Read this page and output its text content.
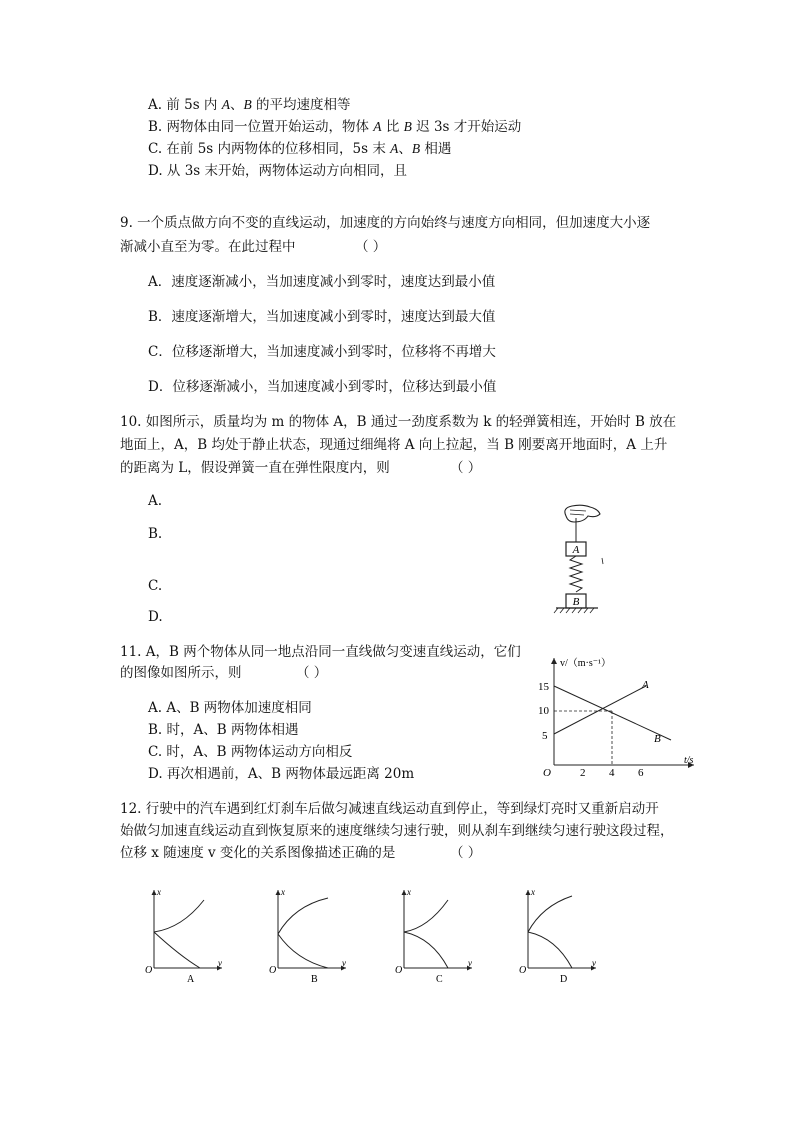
A. 前 5s 内 A、B 的平均速度相等
B. 两物体由同一位置开始运动，物体 A 比 B 迟 3s 才开始运动
C. 在前 5s 内两物体的位移相同，5s 末 A、B 相遇
D. 从 3s 末开始，两物体运动方向相同，且
9. 一个质点做方向不变的直线运动，加速度的方向始终与速度方向相同，但加速度大小逐
渐减小直至为零。在此过程中	（ ）
A．速度逐渐减小，当加速度减小到零时，速度达到最小值
B．速度逐渐增大，当加速度减小到零时，速度达到最大值
C．位移逐渐增大，当加速度减小到零时，位移将不再增大
D．位移逐渐减小，当加速度减小到零时，位移达到最小值
10. 如图所示，质量均为 m 的物体 A，B 通过一劲度系数为 k 的轻弹簧相连，开始时 B 放在
地面上，A，B 均处于静止状态，现通过细绳将 A 向上拉起，当 B 刚要离开地面时，A 上升
的距离为 L，假设弹簧一直在弹性限度内，则	（ ）
A.
B.
C.
D.
A
B
11. A，B 两个物体从同一地点沿同一直线做匀变速直线运动，它们
的图像如图所示，则	（ ）
A. A、B 两物体加速度相同
B. 时，A、B 两物体相遇
C. 时，A、B 两物体运动方向相反
D. 再次相遇前，A、B 两物体最远距离 20m
v/（m·s⁻¹）
t/s
O
15
10
5
2 4 6
A
B
12. 行驶中的汽车遇到红灯刹车后做匀减速直线运动直到停止，等到绿灯亮时又重新启动开
始做匀加速直线运动直到恢复原来的速度继续匀速行驶，则从刹车到继续匀速行驶这段过程，
位移 x 随速度 v 变化的关系图像描述正确的是	（ ）
x
v
O
A
x
v
O
B
x
v
O
C
x
v
O
D
